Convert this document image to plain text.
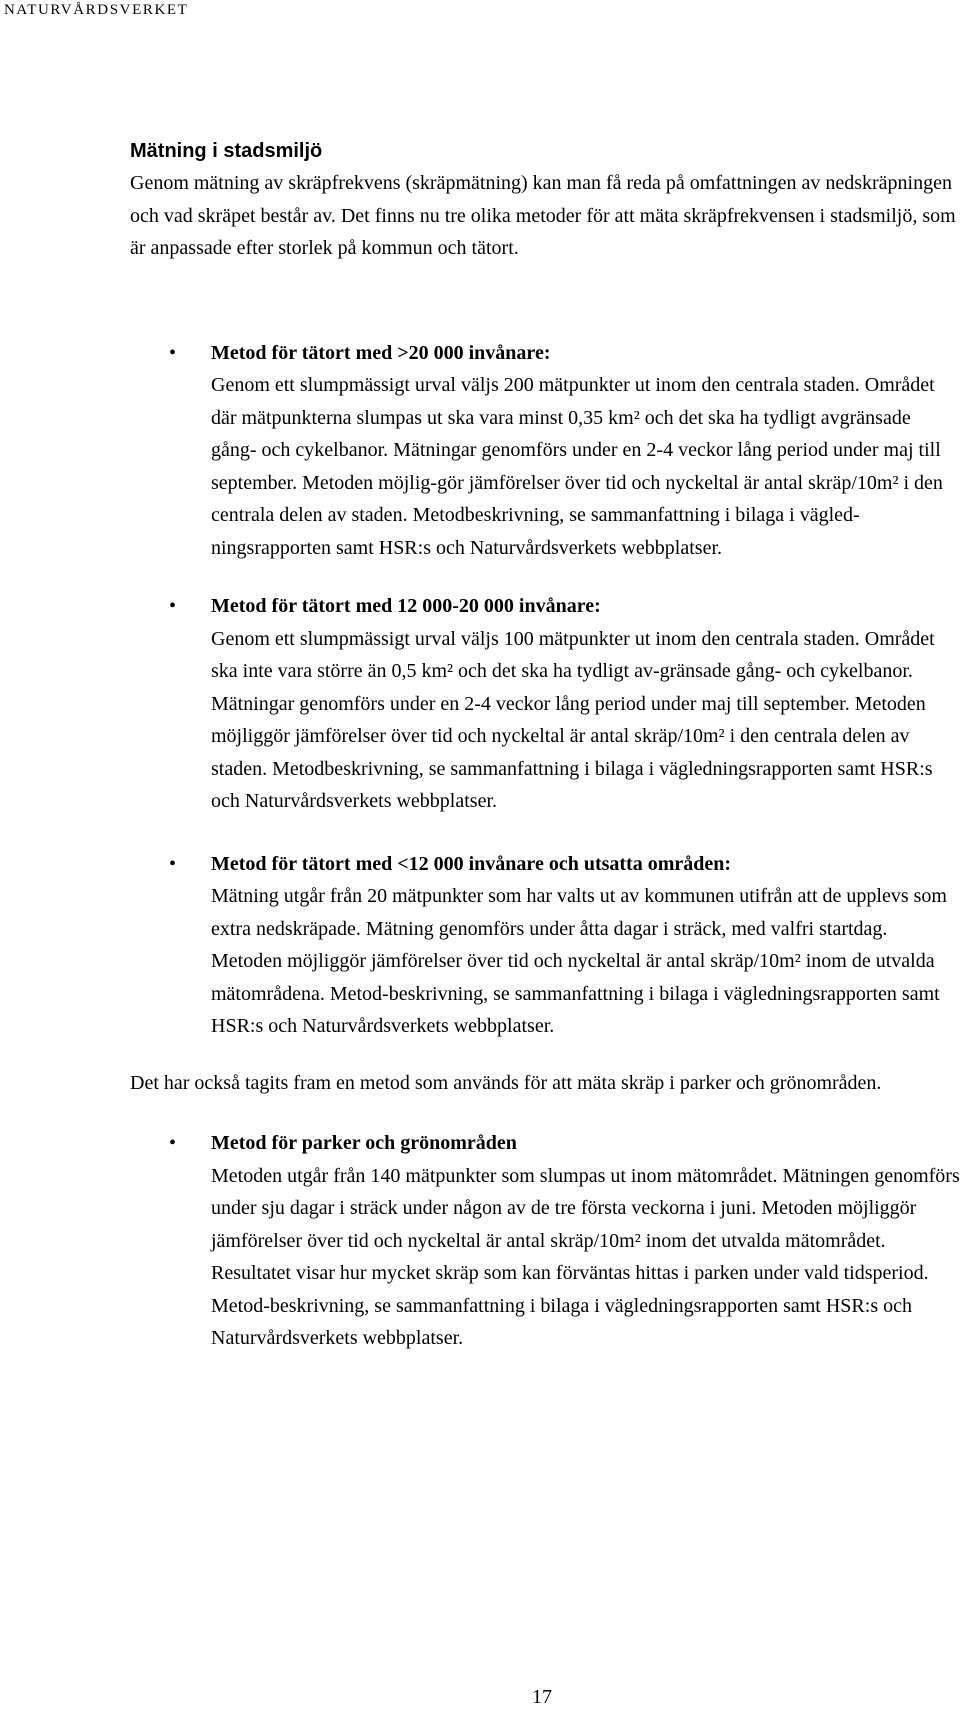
NATURVÅRDSVERKET
Mätning i stadsmiljö

Genom mätning av skräpfrekvens (skräpmätning) kan man få reda på omfattningen av nedskräpningen och vad skräpet består av. Det finns nu tre olika metoder för att mäta skräpfrekvensen i stadsmiljö, som är anpassade efter storlek på kommun och tätort.

• Metod för tätort med >20 000 invånare:
Genom ett slumpmässigt urval väljs 200 mätpunkter ut inom den centrala staden. Området där mätpunkterna slumpas ut ska vara minst 0,35 km² och det ska ha tydligt avgränsade gång- och cykelbanor. Mätningar genomförs under en 2-4 veckor lång period under maj till september. Metoden möjlig-gör jämförelser över tid och nyckeltal är antal skräp/10m² i den centrala delen av staden. Metodbeskrivning, se sammanfattning i bilaga i vägled-ningsrapporten samt HSR:s och Naturvårdsverkets webbplatser.
• Metod för tätort med 12 000-20 000 invånare:
Genom ett slumpmässigt urval väljs 100 mätpunkter ut inom den centrala staden. Området ska inte vara större än 0,5 km² och det ska ha tydligt av-gränsade gång- och cykelbanor. Mätningar genomförs under en 2-4 veckor lång period under maj till september. Metoden möjliggör jämförelser över tid och nyckeltal är antal skräp/10m² i den centrala delen av staden. Metodbeskrivning, se sammanfattning i bilaga i vägledningsrapporten samt HSR:s och Naturvårdsverkets webbplatser.
• Metod för tätort med <12 000 invånare och utsatta områden:
Mätning utgår från 20 mätpunkter som har valts ut av kommunen utifrån att de upplevs som extra nedskräpade. Mätning genomförs under åtta dagar i sträck, med valfri startdag. Metoden möjliggör jämförelser över tid och nyckeltal är antal skräp/10m² inom de utvalda mätområdena. Metod-beskrivning, se sammanfattning i bilaga i vägledningsrapporten samt HSR:s och Naturvårdsverkets webbplatser.

Det har också tagits fram en metod som används för att mäta skräp i parker och grönområden.

• Metod för parker och grönområden
Metoden utgår från 140 mätpunkter som slumpas ut inom mätområdet. Mätningen genomförs under sju dagar i sträck under någon av de tre första veckorna i juni. Metoden möjliggör jämförelser över tid och nyckeltal är antal skräp/10m² inom det utvalda mätområdet. Resultatet visar hur mycket skräp som kan förväntas hittas i parken under vald tidsperiod. Metod-beskrivning, se sammanfattning i bilaga i vägledningsrapporten samt HSR:s och Naturvårdsverkets webbplatser.
17
